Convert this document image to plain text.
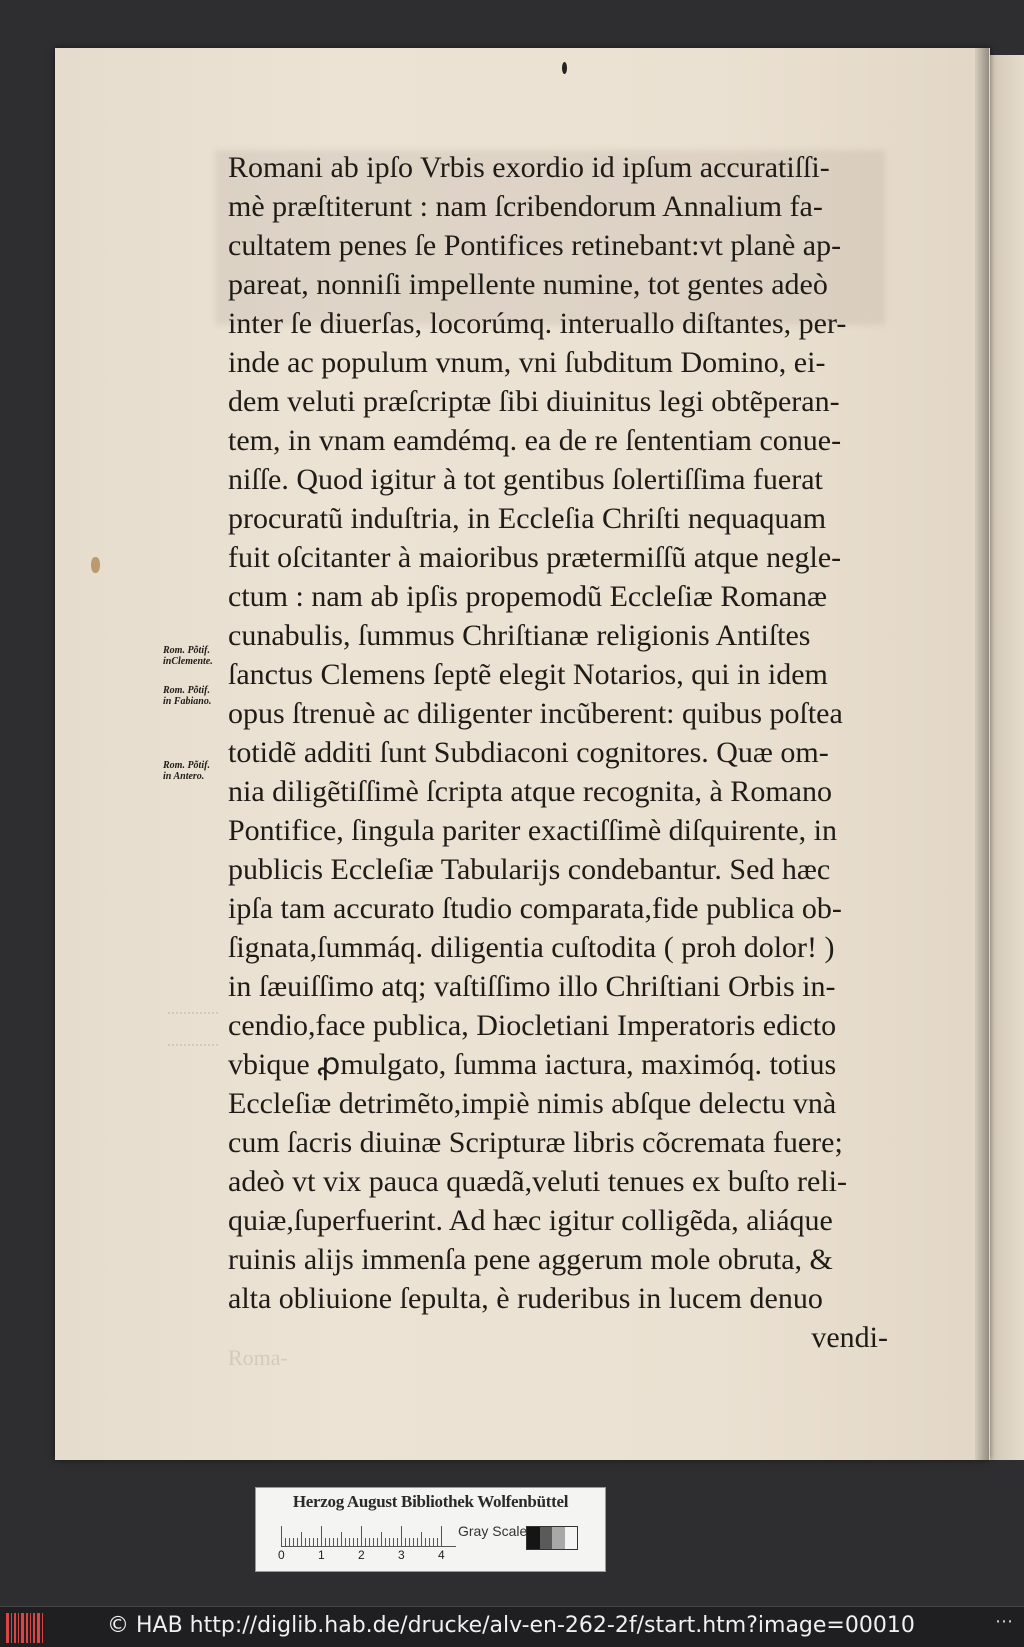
Romani ab ipſo Vrbis exordio id ipſum accuratiſſi-
mè præſtiterunt : nam ſcribendorum Annalium fa-
cultatem penes ſe Pontifices retinebant:vt planè ap-
pareat, nonniſi impellente numine, tot gentes adeò
inter ſe diuerſas, locorúmq. interuallo diſtantes, per-
inde ac populum vnum, vni ſubditum Domino, ei-
dem veluti præſcriptæ ſibi diuinitus legi obtẽperan-
tem, in vnam eamdémq. ea de re ſententiam conue-
niſſe. Quod igitur à tot gentibus ſolertiſſima fuerat
procuratũ induſtria, in Eccleſia Chriſti nequaquam
fuit oſcitanter à maioribus prætermiſſũ atque negle-
ctum : nam ab ipſis propemodũ Eccleſiæ Romanæ
cunabulis, ſummus Chriſtianæ religionis Antiſtes
ſanctus Clemens ſeptẽ elegit Notarios, qui in idem
opus ſtrenuè ac diligenter incũberent: quibus poſtea
totidẽ additi ſunt Subdiaconi cognitores. Quæ om-
nia diligẽtiſſimè ſcripta atque recognita, à Romano
Pontifice, ſingula pariter exactiſſimè diſquirente, in
publicis Eccleſiæ Tabularijs condebantur. Sed hæc
ipſa tam accurato ſtudio comparata,fide publica ob-
ſignata,ſummáq. diligentia cuſtodita ( proh dolor! )
in ſæuiſſimo atq; vaſtiſſimo illo Chriſtiani Orbis in-
cendio,face publica, Diocletiani Imperatoris edicto
vbique ꝓmulgato, ſumma iactura, maximóq. totius
Eccleſiæ detrimẽto,impiè nimis abſque delectu vnà
cum ſacris diuinæ Scripturæ libris cõcremata fuere;
adeò vt vix pauca quædã,veluti tenues ex buſto reli-
quiæ,ſuperfuerint. Ad hæc igitur colligẽda, aliáque
ruinis alijs immenſa pene aggerum mole obruta, &
alta obliuione ſepulta, è ruderibus in lucem denuo
vendi-
Rom. Põtif.
inClemente.
Rom. Põtif.
in Fabiano.
Rom. Põtif.
in Antero.
Roma-
Herzog August Bibliothek Wolfenbüttel
0	1	2	3	4
Gray Scale
© HAB http://diglib.hab.de/drucke/alv-en-262-2f/start.htm?image=00010	⋯
